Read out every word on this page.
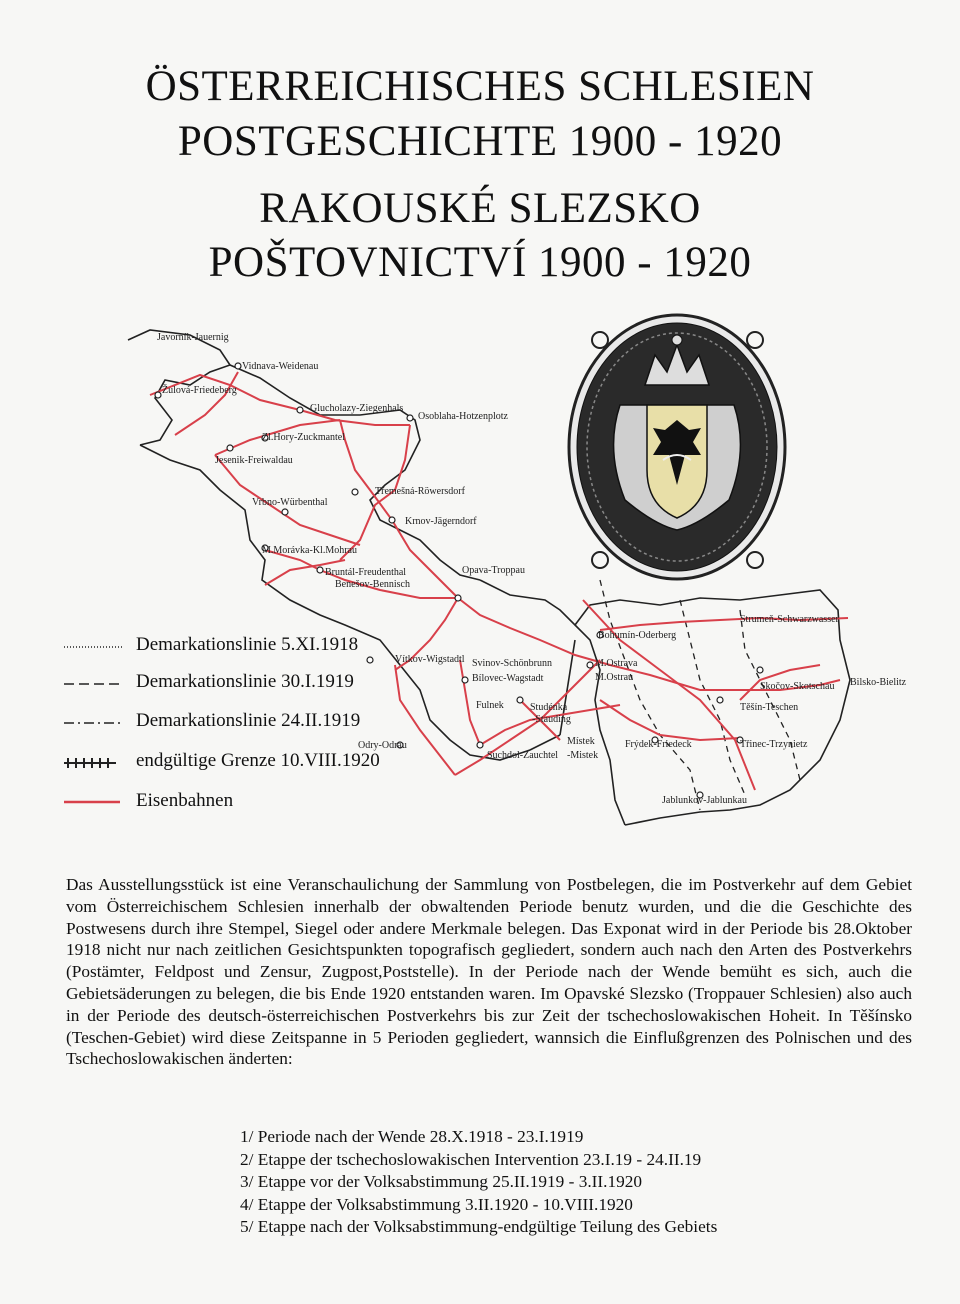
ÖSTERREICHISCHES SCHLESIEN
POSTGESCHICHTE 1900 - 1920
RAKOUSKÉ SLEZSKO
POŠTOVNICTVÍ 1900 - 1920
Javorník-Jauernig
Vidnava-Weidenau
Žulová-Friedeberg
Glucholazy-Ziegenhals
Osoblaha-Hotzenplotz
Zl.Hory-Zuckmantel
Jesenik-Freiwaldau
Třemešná-Röwersdorf
Vrbno-Würbenthal
Krnov-Jägerndorf
M.Morávka-Kl.Mohrau
Bruntál-Freudenthal	Opava-Troppau
Benešov-Bennisch
Strumeň-Schwarzwasser
Bohumín-Oderberg
Vítkov-Wigstadtl Svinov-Schönbrunn	M.Ostrava
M.Ostrau
Bílovec-Wagstadt
Skočov-Skotschau Bilsko-Bielitz
Fulnek	Studénka
-Stauding
Těšín-Teschen
Odry-Odrau	Místek
-Mistek
Frýdek-Friedeck	Třinec-Trzynietz
Suchdol-Zauchtel
Jablunkov-Jablunkau
Demarkationslinie 5.XI.1918
Demarkationslinie 30.I.1919
Demarkationslinie 24.II.1919
endgültige Grenze 10.VIII.1920
Eisenbahnen
Das Ausstellungsstück ist eine Veranschaulichung der Sammlung von Postbelegen, die im Postverkehr auf dem Gebiet vom Österreichischem Schlesien innerhalb der obwaltenden Periode benutz wurden, und die die Geschichte des Postwesens durch ihre Stempel, Siegel oder andere Merkmale belegen. Das Exponat wird in der Periode bis 28.Oktober 1918 nicht nur nach zeitlichen Gesichtspunkten topografisch gegliedert, sondern auch nach den Arten des Postverkehrs (Postämter, Feldpost und Zensur, Zugpost,Poststelle). In der Periode nach der Wende bemüht es sich, auch die Gebietsäderungen zu belegen, die bis Ende 1920 entstanden waren. Im Opavské Slezsko (Troppauer Schlesien) also auch in der Periode des deutsch-österreichischen Postverkehrs bis zur Zeit der tschechoslowakischen Hoheit. In Těšínsko (Teschen-Gebiet) wird diese Zeitspanne in 5 Perioden gegliedert, wannsich die Einflußgrenzen des Polnischen und des Tschechoslowakischen änderten:
1/ Periode nach der Wende 28.X.1918 - 23.I.1919
2/ Etappe der tschechoslowakischen Intervention 23.I.19 - 24.II.19
3/ Etappe vor der Volksabstimmung 25.II.1919 - 3.II.1920
4/ Etappe der Volksabstimmung 3.II.1920 - 10.VIII.1920
5/ Etappe nach der Volksabstimmung-endgültige Teilung des Gebiets
